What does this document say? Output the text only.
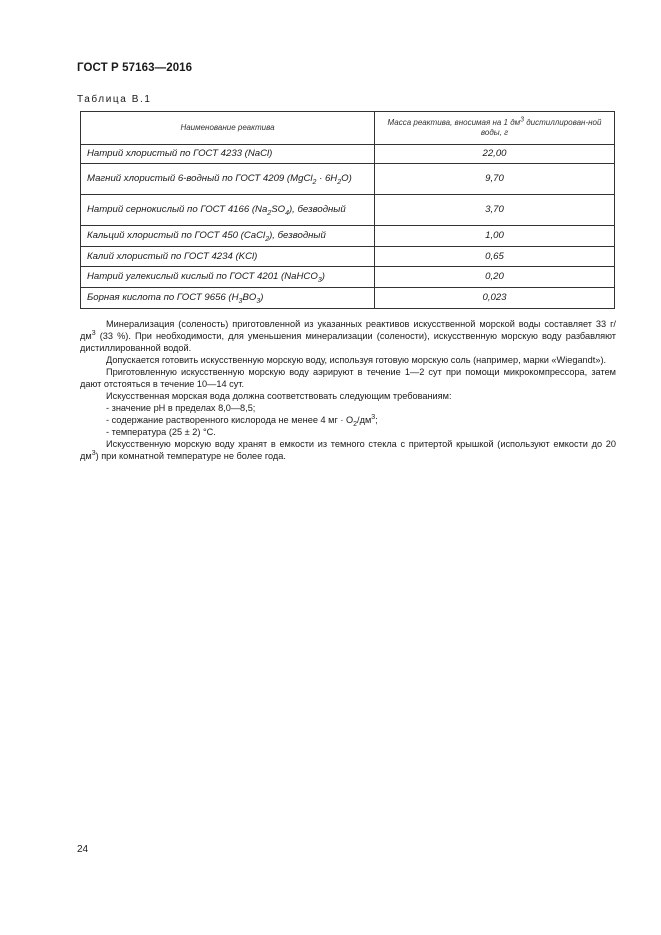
ГОСТ Р 57163—2016
Таблица В.1
Наименование реактива	Масса реактива, вносимая на 1 $дм^3$ дистиллирован-ной воды, г
Натрий хлористый по ГОСТ 4233 (NaCl)	22,00
Магний хлористый 6-водный по ГОСТ 4209 (MgCl$_2$ · $6H_2O$)	9,70
Натрий сернокислый по ГОСТ 4166 $(Na_2SO_4)$, безводный	3,70
Кальций хлористый по ГОСТ 450 (CaCl$_2$), безводный	1,00
Калий хлористый по ГОСТ 4234 (KCl)	0,65
Натрий углекислый кислый по ГОСТ 4201 (NaHCO$_3$)	0,20
Борная кислота по ГОСТ 9656 $(H_3BO_3)$	0,023

Минерализация (соленость) приготовленной из указанных реактивов искусственной морской воды составляет 33 $г/дм^3$ (33 %). При необходимости, для уменьшения минерализации (солености), искусственную морскую воду разбавляют дистиллированной водой.

Допускается готовить искусственную морскую воду, используя готовую морскую соль (например, марки «Wiegandt»).

Приготовленную искусственную морскую воду аэрируют в течение 1—2 сут при помощи микрокомпрессора, затем дают отстояться в течение 10—14 сут.

Искусственная морская вода должна соответствовать следующим требованиям:

- значение pH в пределах 8,0—8,5;

- содержание растворенного кислорода не менее 4 мг · $O_2/дм^3$;

- температура (25 ± 2) °С.

Искусственную морскую воду хранят в емкости из темного стекла с притертой крышкой (используют емкости до 20 $дм^3$) при комнатной температуре не более года.

24
